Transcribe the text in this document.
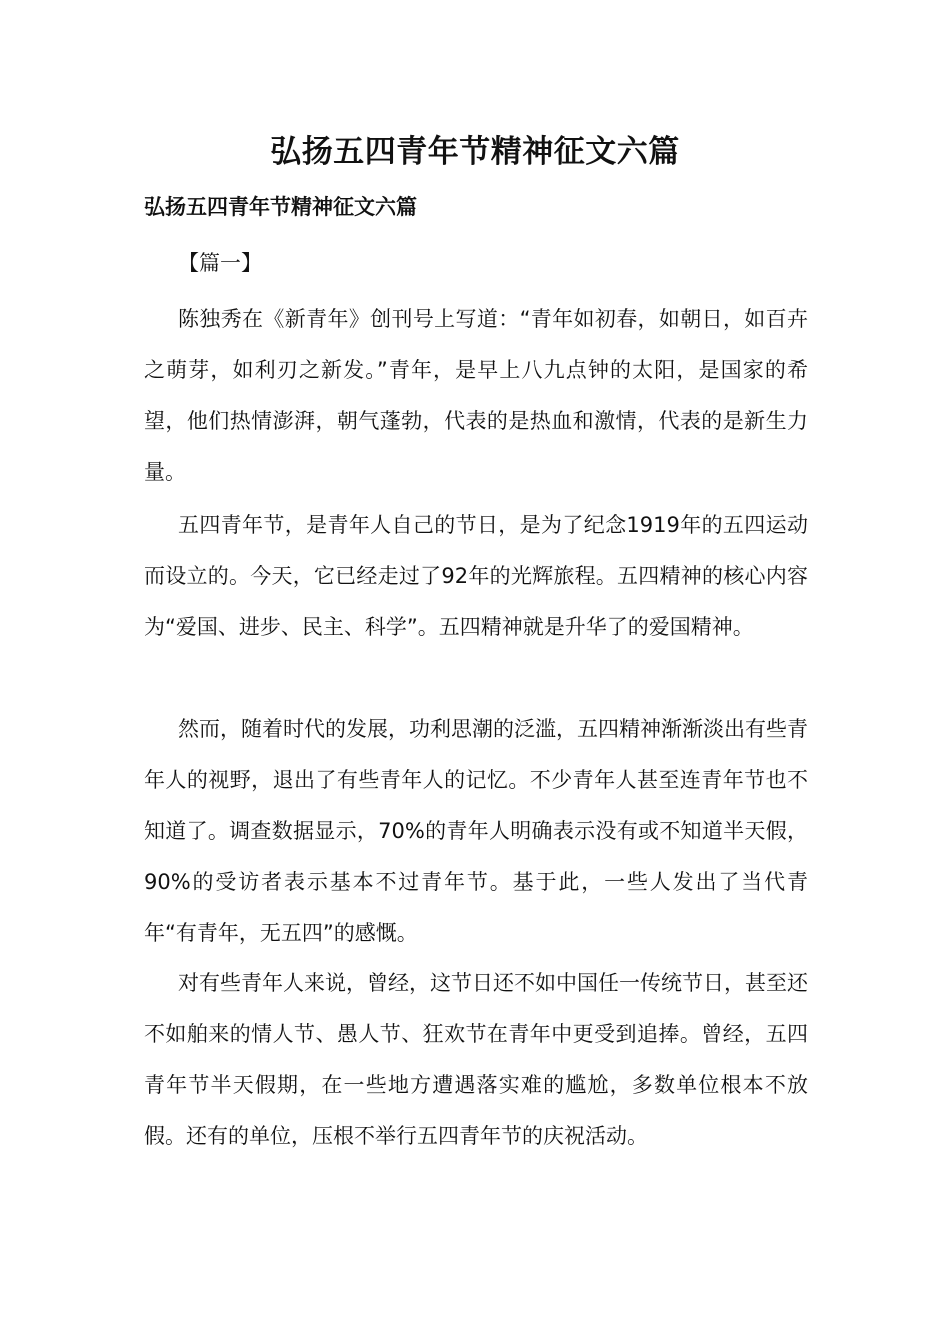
弘扬五四青年节精神征文六篇
弘扬五四青年节精神征文六篇
【篇一】

陈独秀在《新青年》创刊号上写道：“青年如初春，如朝日，如百卉之萌芽，如利刃之新发。”青年，是早上八九点钟的太阳，是国家的希望，他们热情澎湃，朝气蓬勃，代表的是热血和激情，代表的是新生力量。

五四青年节，是青年人自己的节日，是为了纪念1919年的五四运动而设立的。今天，它已经走过了92年的光辉旅程。五四精神的核心内容为“爱国、进步、民主、科学”。五四精神就是升华了的爱国精神。

然而，随着时代的发展，功利思潮的泛滥，五四精神渐渐淡出有些青年人的视野，退出了有些青年人的记忆。不少青年人甚至连青年节也不知道了。调查数据显示，70%的青年人明确表示没有或不知道半天假，90%的受访者表示基本不过青年节。基于此，一些人发出了当代青年“有青年，无五四”的感慨。

对有些青年人来说，曾经，这节日还不如中国任一传统节日，甚至还不如舶来的情人节、愚人节、狂欢节在青年中更受到追捧。曾经，五四青年节半天假期，在一些地方遭遇落实难的尴尬，多数单位根本不放假。还有的单位，压根不举行五四青年节的庆祝活动。
